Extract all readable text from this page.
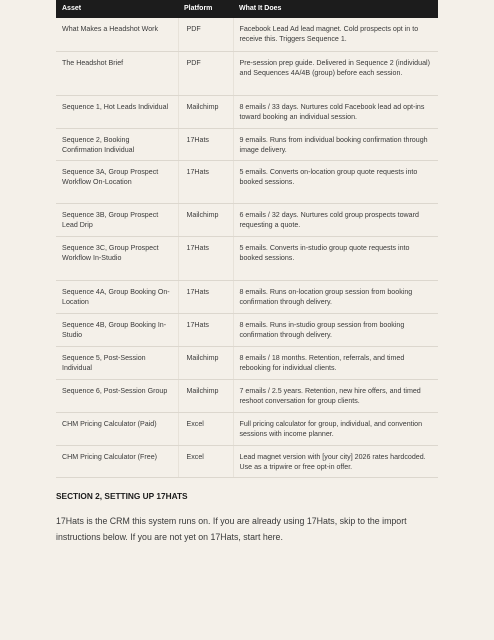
Asset	Platform	What It Does
What Makes a Headshot Work	PDF	Facebook Lead Ad lead magnet. Cold prospects opt in to receive this. Triggers Sequence 1.
The Headshot Brief	PDF	Pre-session prep guide. Delivered in Sequence 2 (individual) and Sequences 4A/4B (group) before each session.
Sequence 1, Hot Leads Individual	Mailchimp	8 emails / 33 days. Nurtures cold Facebook lead ad opt-ins toward booking an individual session.
Sequence 2, Booking Confirmation Individual	17Hats	9 emails. Runs from individual booking confirmation through image delivery.
Sequence 3A, Group Prospect Workflow On-Location	17Hats	5 emails. Converts on-location group quote requests into booked sessions.
Sequence 3B, Group Prospect Lead Drip	Mailchimp	6 emails / 32 days. Nurtures cold group prospects toward requesting a quote.
Sequence 3C, Group Prospect Workflow In-Studio	17Hats	5 emails. Converts in-studio group quote requests into booked sessions.
Sequence 4A, Group Booking On-Location	17Hats	8 emails. Runs on-location group session from booking confirmation through delivery.
Sequence 4B, Group Booking In-Studio	17Hats	8 emails. Runs in-studio group session from booking confirmation through delivery.
Sequence 5, Post-Session Individual	Mailchimp	8 emails / 18 months. Retention, referrals, and timed rebooking for individual clients.
Sequence 6, Post-Session Group	Mailchimp	7 emails / 2.5 years. Retention, new hire offers, and timed reshoot conversation for group clients.
CHM Pricing Calculator (Paid)	Excel	Full pricing calculator for group, individual, and convention sessions with income planner.
CHM Pricing Calculator (Free)	Excel	Lead magnet version with [your city] 2026 rates hardcoded. Use as a tripwire or free opt-in offer.
SECTION 2, SETTING UP 17HATS

17Hats is the CRM this system runs on. If you are already using 17Hats, skip to the import instructions below. If you are not yet on 17Hats, start here.
